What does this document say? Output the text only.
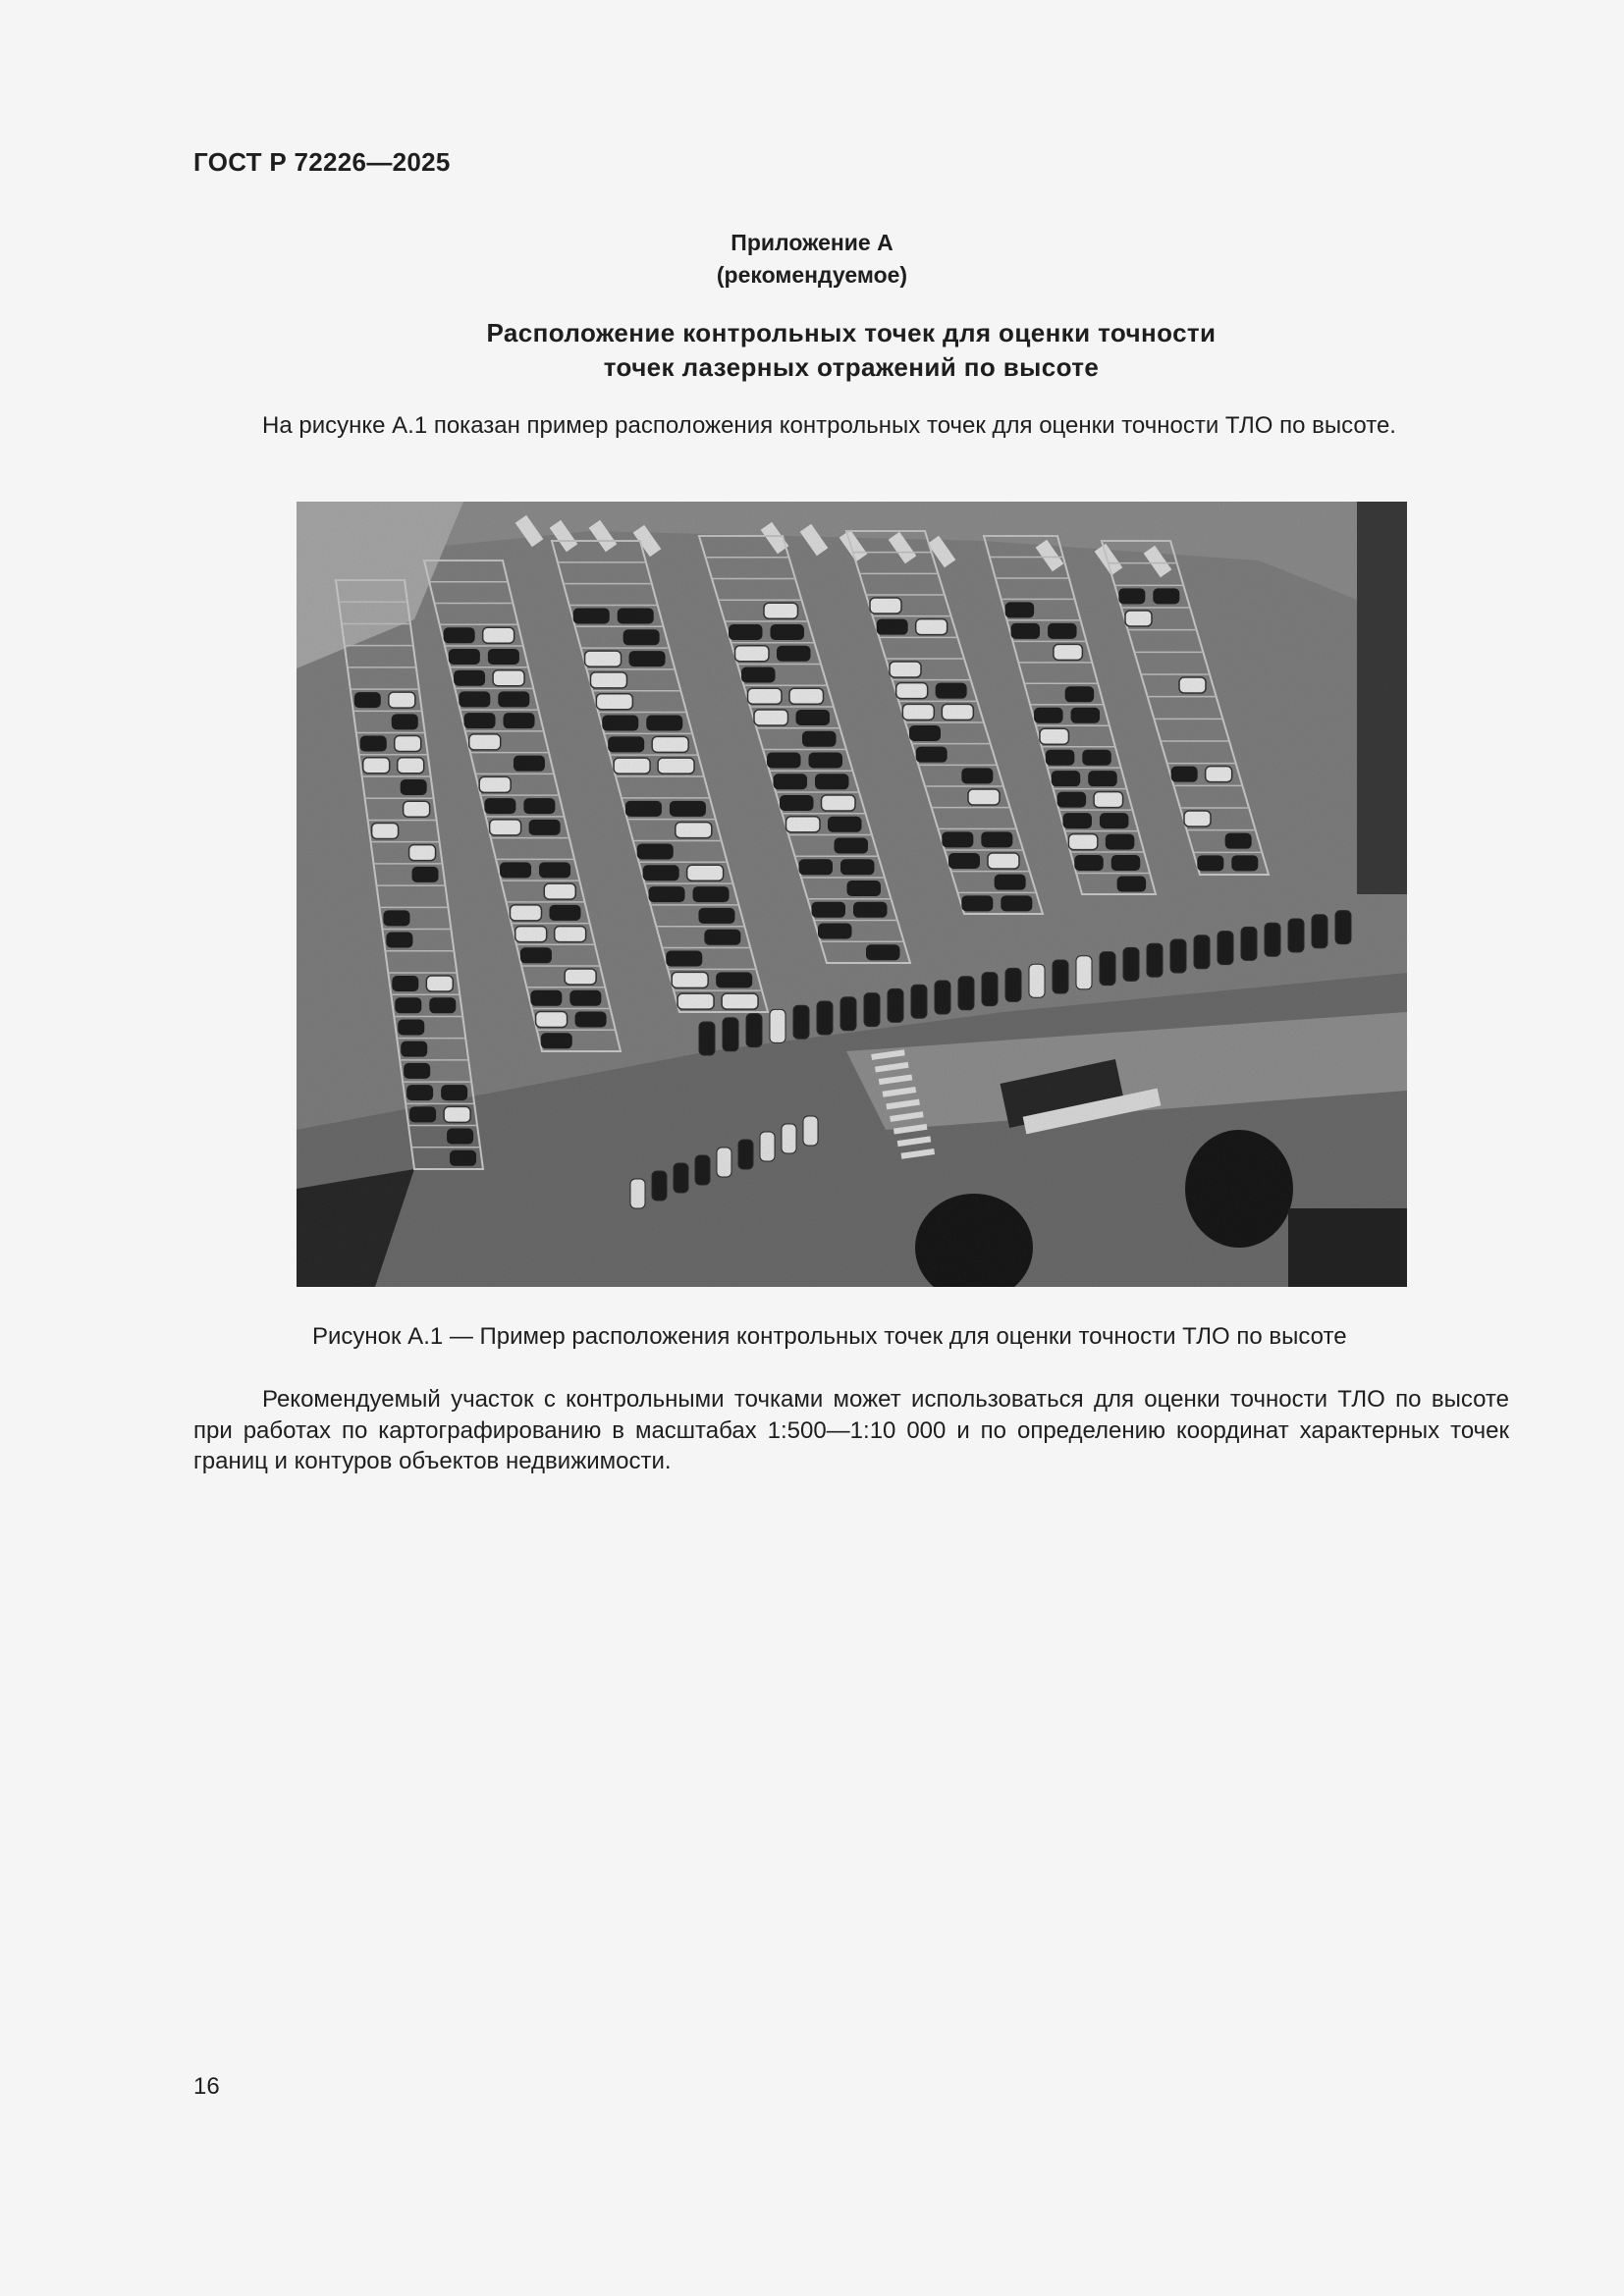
ГОСТ Р 72226—2025
Приложение А
(рекомендуемое)
Расположение контрольных точек для оценки точности
точек лазерных отражений по высоте
На рисунке А.1 показан пример расположения контрольных точек для оценки точности ТЛО по высоте.
Рисунок А.1 — Пример расположения контрольных точек для оценки точности ТЛО по высоте
Рекомендуемый участок с контрольными точками может использоваться для оценки точности ТЛО по высоте при работах по картографированию в масштабах 1:500—1:10 000 и по определению координат характерных точек границ и контуров объектов недвижимости.
16
